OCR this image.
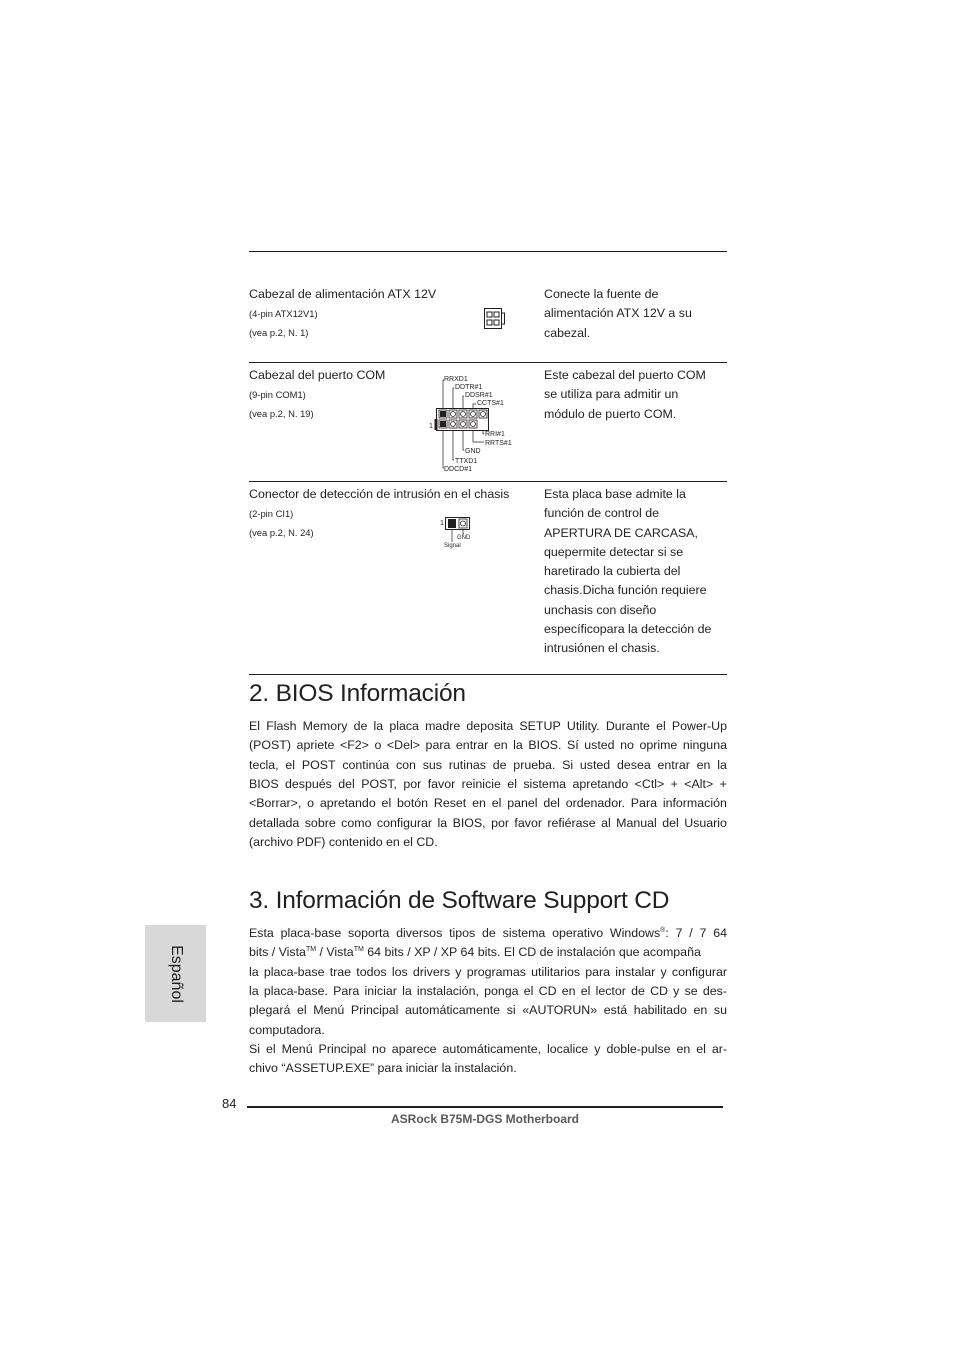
Cabezal de alimentación ATX 12V
(4-pin ATX12V1)
(vea p.2, N. 1)
Conecte la fuente de
alimentación ATX 12V a su
cabezal.
Cabezal del puerto COM
(9-pin COM1)
(vea p.2, N. 19)
RRXD1
DDTR#1
DDSR#1
CCTS#1
RRI#1
RRTS#1
GND
TTXD1
DDCD#1
1
Este cabezal del puerto COM
se utiliza para admitir un
módulo de puerto COM.
Conector de detección de intrusión en el chasis
(2-pin CI1)
(vea p.2, N. 24)
1
GND
Signal
Esta placa base admite la
función de control de
APERTURA DE CARCASA,
quepermite detectar si se
haretirado la cubierta del
chasis.Dicha función requiere
unchasis con diseño
específicopara la detección de
intrusiónen el chasis.
2. BIOS Información
El Flash Memory de la placa madre deposita SETUP Utility. Durante el Power-Up
(POST) apriete <F2> o <Del> para entrar en la BIOS. Sí usted no oprime ninguna
tecla, el POST continúa con sus rutinas de prueba. Si usted desea entrar en la
BIOS después del POST, por favor reinicie el sistema apretando <Ctl> + <Alt> +
<Borrar>, o apretando el botón Reset en el panel del ordenador. Para información
detallada sobre como configurar la BIOS, por favor refiérase al Manual del Usuario
(archivo PDF) contenido en el CD.
3. Información de Software Support CD
Esta placa-base soporta diversos tipos de sistema operativo Windows®: 7 / 7 64
bits / Vista™ / Vista™ 64 bits / XP / XP 64 bits. El CD de instalación que acompaña
la placa-base trae todos los drivers y programas utilitarios para instalar y configurar
la placa-base. Para iniciar la instalación, ponga el CD en el lector de CD y se des-
plegará el Menú Principal automáticamente si «AUTORUN» está habilitado en su
computadora.
Si el Menú Principal no aparece automáticamente, localice y doble-pulse en el ar-
chivo “ASSETUP.EXE” para iniciar la instalación.
Español
84
ASRock B75M-DGS Motherboard
